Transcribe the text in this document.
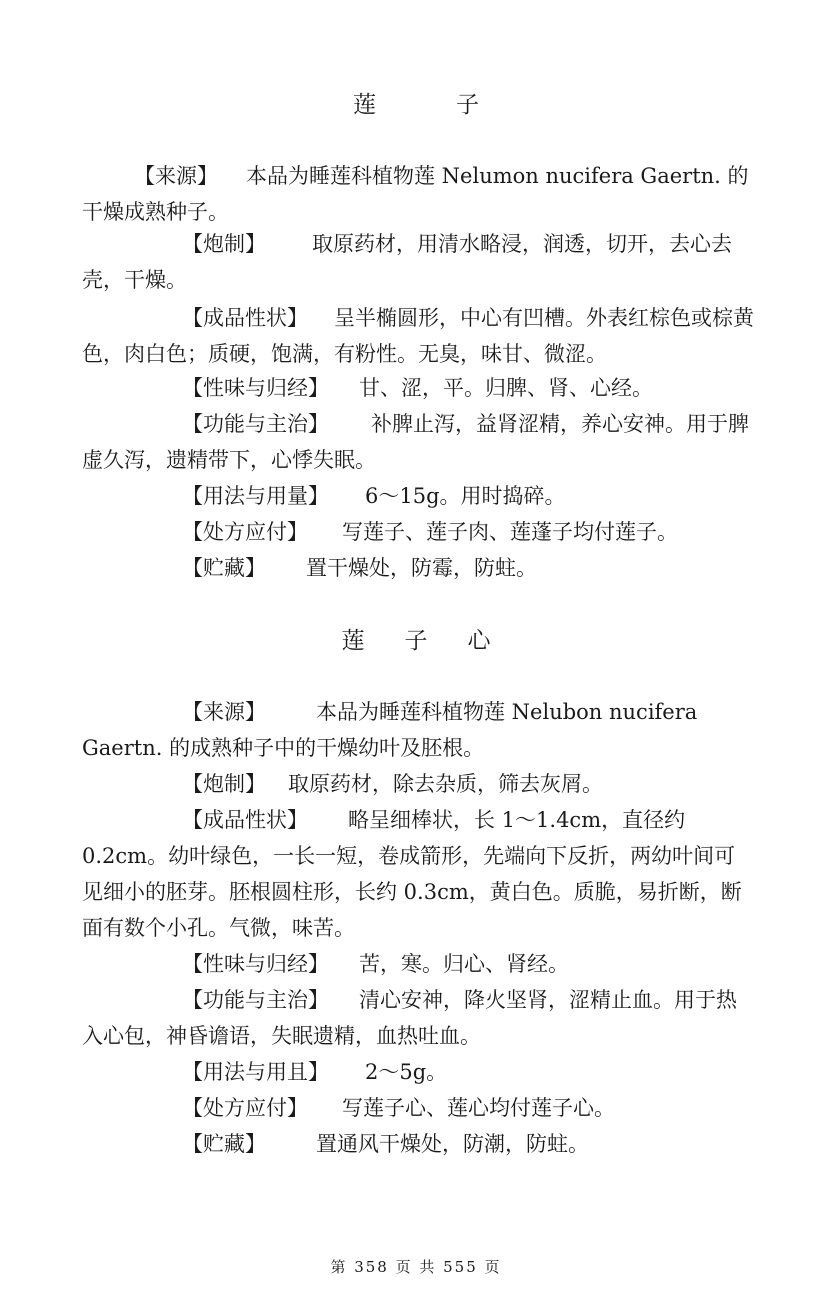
莲	子
【来源】 本品为睡莲科植物莲 Nelumon nucifera Gaertn. 的干燥成熟种子。
【炮制】 取原药材，用清水略浸，润透，切开，去心去壳，干燥。
【成品性状】 呈半椭圆形，中心有凹槽。外表红棕色或棕黄色，肉白色；质硬，饱满，有粉性。无臭，味甘、微涩。
【性味与归经】 甘、涩，平。归脾、肾、心经。
【功能与主治】 补脾止泻，益肾涩精，养心安神。用于脾虚久泻，遗精带下，心悸失眠。
【用法与用量】 6～15g。用时捣碎。
【处方应付】 写莲子、莲子肉、莲蓬子均付莲子。
【贮藏】 置干燥处，防霉，防蛀。
莲 子 心
【来源】 本品为睡莲科植物莲 Nelubon nucifera Gaertn. 的成熟种子中的干燥幼叶及胚根。
【炮制】 取原药材，除去杂质，筛去灰屑。
【成品性状】 略呈细棒状，长 1～1.4cm，直径约 0.2cm。幼叶绿色，一长一短，卷成箭形，先端向下反折，两幼叶间可见细小的胚芽。胚根圆柱形，长约 0.3cm，黄白色。质脆，易折断，断面有数个小孔。气微，味苦。
【性味与归经】 苦，寒。归心、肾经。
【功能与主治】 清心安神，降火坚肾，涩精止血。用于热入心包，神昏谵语，失眠遗精，血热吐血。
【用法与用且】 2～5g。
【处方应付】 写莲子心、莲心均付莲子心。
【贮藏】 置通风干燥处，防潮，防蛀。
第 358 页 共 555 页
